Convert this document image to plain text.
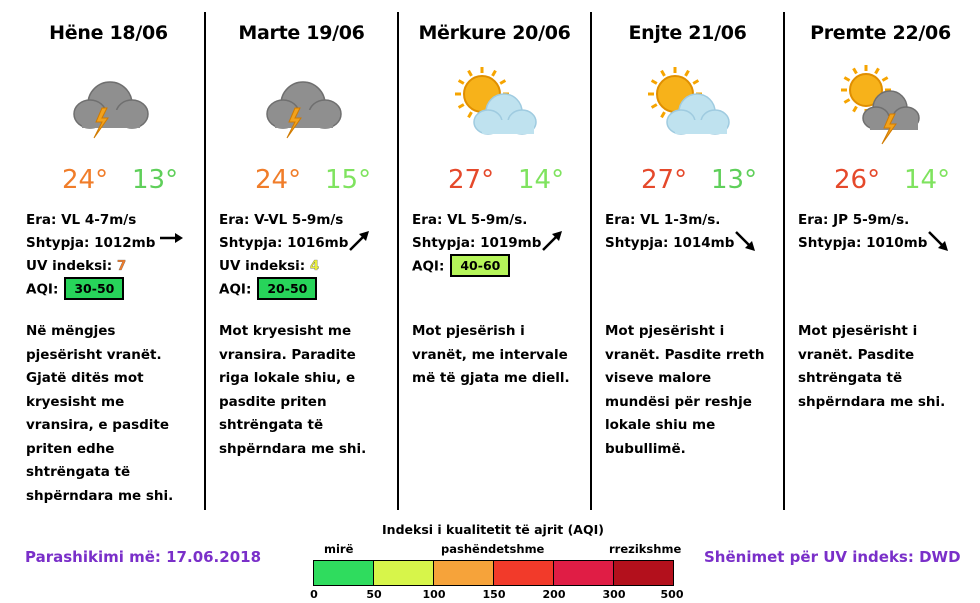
Hëne 18/06
24° 13°
Era: VL 4-7m/s
Shtypja: 1012mb
UV indeksi: 7
AQI: 30-50
Në mëngjes pjesërisht vranët. Gjatë ditës mot kryesisht me vransira, e pasdite priten edhe shtrëngata të shpërndara me shi.
Marte 19/06
24° 15°
Era: V-VL 5-9m/s
Shtypja: 1016mb
UV indeksi: 4
AQI: 20-50
Mot kryesisht me vransira. Paradite riga lokale shiu, e pasdite priten shtrëngata të shpërndara me shi.
Mërkure 20/06
27° 14°
Era: VL 5-9m/s.
Shtypja: 1019mb
AQI: 40-60
Mot pjesërish i vranët, me intervale më të gjata me diell.
Enjte 21/06
27° 13°
Era: VL 1-3m/s.
Shtypja: 1014mb
Mot pjesërisht i vranët. Pasdite rreth viseve malore mundësi për reshje lokale shiu me bubullimë.
Premte 22/06
26° 14°
Era: JP 5-9m/s.
Shtypja: 1010mb
Mot pjesërisht i vranët. Pasdite shtrëngata të shpërndara me shi.
Parashikimi më: 17.06.2018	Shënimet për UV indeks: DWD
Indeksi i kualitetit të ajrit (AQI)
mirë	pashëndetshme	rrezikshme
0	50	100	150	200	300	500
